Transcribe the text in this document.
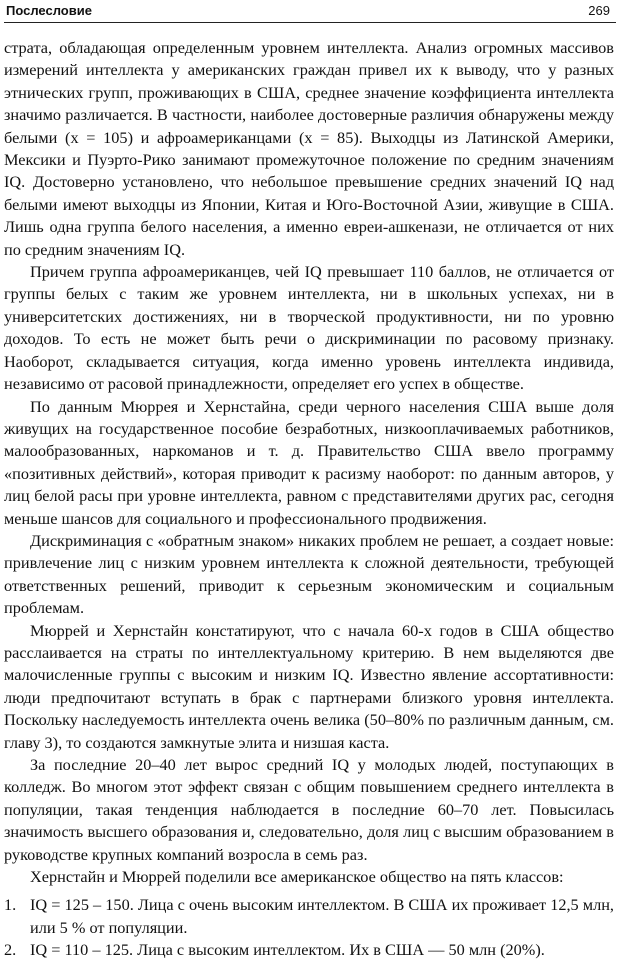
Послесловие	269

страта, обладающая определенным уровнем интеллекта. Анализ огромных массивов измерений интеллекта у американских граждан привел их к выводу, что у разных этнических групп, проживающих в США, среднее значение коэффициента интеллекта значимо различается. В частности, наиболее достоверные различия обнаружены между белыми (x = 105) и афроамериканцами (x = 85). Выходцы из Латинской Америки, Мексики и Пуэрто-Рико занимают промежуточное положение по средним значениям IQ. Достоверно установлено, что небольшое превышение средних значений IQ над белыми имеют выходцы из Японии, Китая и Юго-Восточной Азии, живущие в США. Лишь одна группа белого населения, а именно евреи-ашкенази, не отличается от них по средним значениям IQ.

Причем группа афроамериканцев, чей IQ превышает 110 баллов, не отличается от группы белых с таким же уровнем интеллекта, ни в школьных успехах, ни в университетских достижениях, ни в творческой продуктивности, ни по уровню доходов. То есть не может быть речи о дискриминации по расовому признаку. Наоборот, складывается ситуация, когда именно уровень интеллекта индивида, независимо от расовой принадлежности, определяет его успех в обществе.

По данным Мюррея и Хернстайна, среди черного населения США выше доля живущих на государственное пособие безработных, низкооплачиваемых работников, малообразованных, наркоманов и т. д. Правительство США ввело программу «позитивных действий», которая приводит к расизму наоборот: по данным авторов, у лиц белой расы при уровне интеллекта, равном с представителями других рас, сегодня меньше шансов для социального и профессионального продвижения.

Дискриминация с «обратным знаком» никаких проблем не решает, а создает новые: привлечение лиц с низким уровнем интеллекта к сложной деятельности, требующей ответственных решений, приводит к серьезным экономическим и социальным проблемам.

Мюррей и Хернстайн констатируют, что с начала 60-х годов в США общество расслаивается на страты по интеллектуальному критерию. В нем выделяются две малочисленные группы с высоким и низким IQ. Известно явление ассортативности: люди предпочитают вступать в брак с партнерами близкого уровня интеллекта. Поскольку наследуемость интеллекта очень велика (50–80% по различным данным, см. главу 3), то создаются замкнутые элита и низшая каста.

За последние 20–40 лет вырос средний IQ у молодых людей, поступающих в колледж. Во многом этот эффект связан с общим повышением среднего интеллекта в популяции, такая тенденция наблюдается в последние 60–70 лет. Повысилась значимость высшего образования и, следовательно, доля лиц с высшим образованием в руководстве крупных компаний возросла в семь раз.

Хернстайн и Мюррей поделили все американское общество на пять классов:

1. IQ = 125 – 150. Лица с очень высоким интеллектом. В США их проживает 12,5 млн, или 5 % от популяции.
2. IQ = 110 – 125. Лица с высоким интеллектом. Их в США — 50 млн (20%).
